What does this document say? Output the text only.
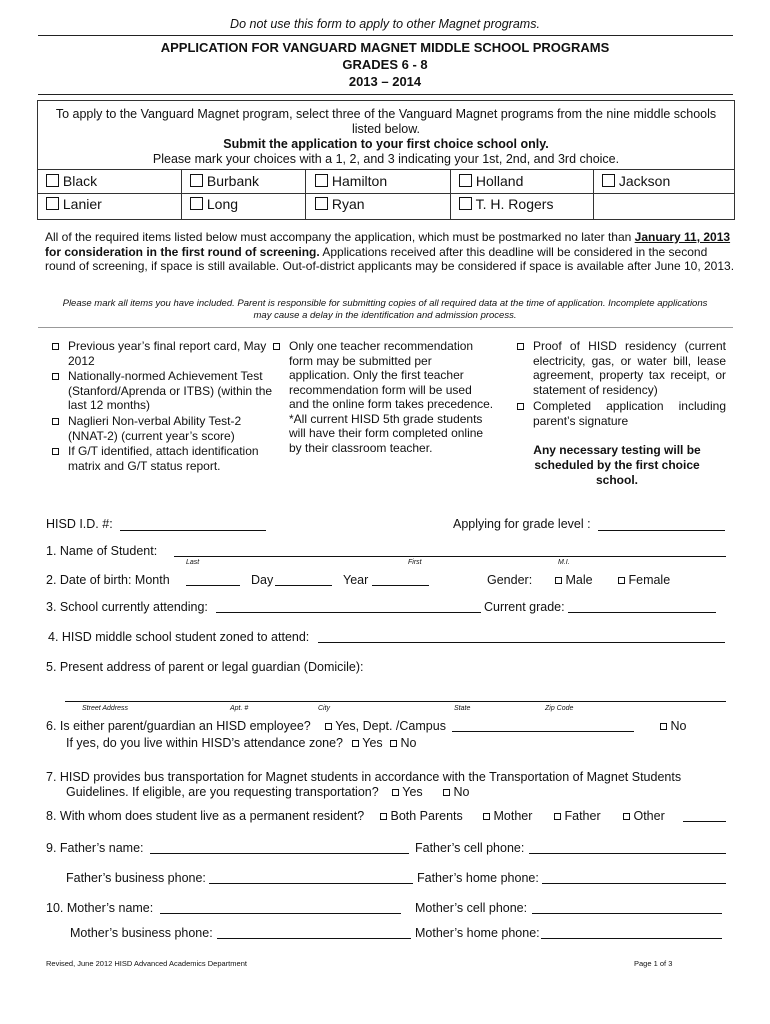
Do not use this form to apply to other Magnet programs.
APPLICATION FOR VANGUARD MAGNET MIDDLE SCHOOL PROGRAMS
GRADES 6 - 8
2013 – 2014
To apply to the Vanguard Magnet program, select three of the Vanguard Magnet programs from the nine middle schools
listed below.
Submit the application to your first choice school only.
Please mark your choices with a 1, 2, and 3 indicating your 1st, 2nd, and 3rd choice.
Black	Burbank	Hamilton	Holland	Jackson
Lanier	Long	Ryan	T. H. Rogers
All of the required items listed below must accompany the application, which must be postmarked no later than January 11, 2013 for consideration in the first round of screening. Applications received after this deadline will be considered in the second round of screening, if space is still available. Out-of-district applicants may be considered if space is available after June 10, 2013.
Please mark all items you have included. Parent is responsible for submitting copies of all required data at the time of application. Incomplete applications may cause a delay in the identification and admission process.
Previous year’s final report card, May 2012
Nationally-normed Achievement Test (Stanford/Aprenda or ITBS) (within the last 12 months)
Naglieri Non-verbal Ability Test-2 (NNAT-2) (current year’s score)
If G/T identified, attach identification matrix and G/T status report.
Only one teacher recommendation form may be submitted per application. Only the first teacher recommendation form will be used and the online form takes precedence. *All current HISD 5th grade students will have their form completed online by their classroom teacher.
Proof of HISD residency (current electricity, gas, or water bill, lease agreement, property tax receipt, or statement of residency)
Completed application including parent’s signature
Any necessary testing will be scheduled by the first choice school.
HISD I.D. #:	Applying for grade level :
1. Name of Student:
Last	First	M.I.
2. Date of birth: Month	Day	Year	Gender:	Male	Female
3. School currently attending:	Current grade:
4. HISD middle school student zoned to attend:
5. Present address of parent or legal guardian (Domicile):
Street Address	Apt. #	City	State	Zip Code
6. Is either parent/guardian an HISD employee?	Yes, Dept. /Campus	No
If yes, do you live within HISD’s attendance zone?	Yes	No
7. HISD provides bus transportation for Magnet students in accordance with the Transportation of Magnet Students
Guidelines. If eligible, are you requesting transportation?	Yes	No
8. With whom does student live as a permanent resident?	Both Parents	Mother	Father	Other
9. Father’s name:	Father’s cell phone:
Father’s business phone:	Father’s home phone:
10. Mother’s name:	Mother’s cell phone:
Mother’s business phone:	Mother’s home phone:
Revised, June 2012 HISD Advanced Academics Department	Page 1 of 3
